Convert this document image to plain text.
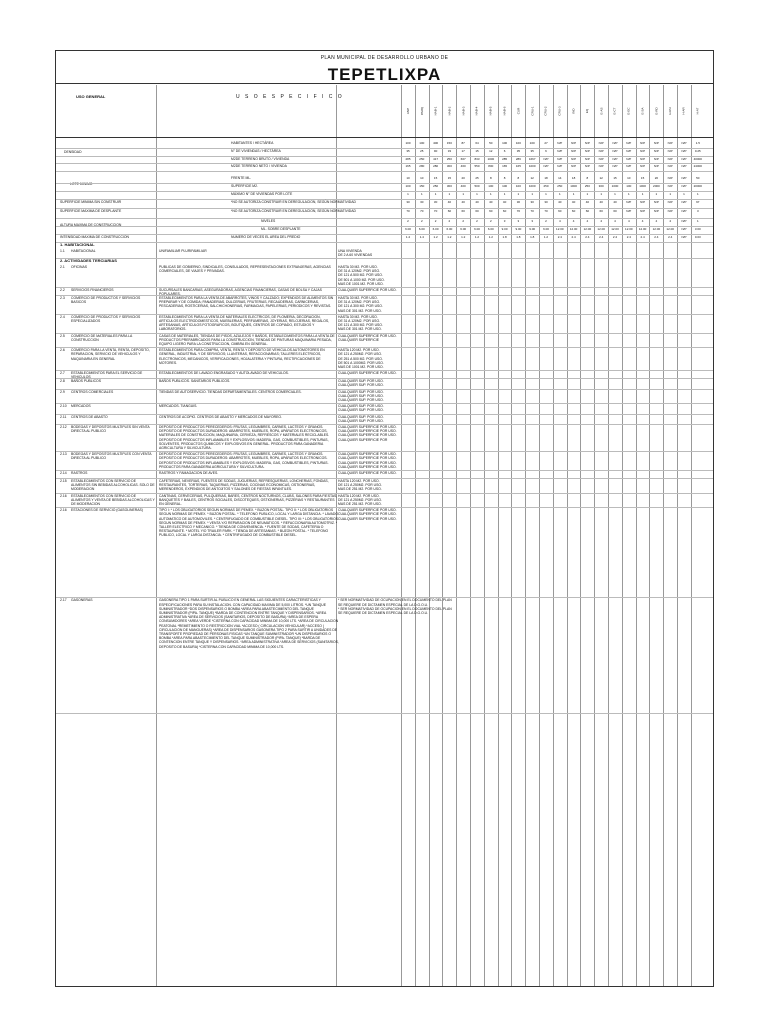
PLAN MUNICIPAL DE DESARROLLO URBANO DE
TEPETLIXPA
USO GENERAL	U S O E S P E C I F I C O
ANP	PARQ	HAB-1	HAB-2	HAB-3	HAB-4	HAB-5	HAB-6	CUR	CRU-1	CRU-2	CRU-3	IND	EQ	E-AS	E-CT	E-EC	E-SA	E-RD	H-RU	H-AR	H-AT
DENSIDAD
HABITANTES / HECTÁREA	100	100	400	150	87	64	50	100	100	100	27	N/P	N/P	N/P	N/P	N/P	N/P	N/P	N/P	N/P	N/P	1.5
N° DE VIVIENDAS / HECTÁREA	35	25	90	33	17	15	12	6	35	35	6	N/P	N/P	N/P	N/P	N/P	N/P	N/P	N/P	N/P	N/P	0.25
M2DE TERRENO BRUTO / VIVIENDA	285	250	417	250	667	833	1000	285	286	1667	N/P	N/P	N/P	N/P	N/P	N/P	N/P	N/P	N/P	N/P	N/P	40000
M2DE TERRENO NETO / VIVIENDA	165	280	280	300	460	550	800	165	165	1000	N/P	N/P	N/P	N/P	N/P	N/P	N/P	N/P	N/P	N/P	N/P	24000
LOTE MINIMO
FRENTE ML.	10	10	15	15	20	25	8	8	8	12	18	14	18	8	12	15	10	15	20	N/P	N/P	50
SUPERFICIE M2.	100	150	250	300	400	500	100	100	100	1000	250	250	1000	250	300	1000	100	1000	2000	N/P	N/P	20000
MÁXIMO N° DE VIVIENDAS POR LOTE	1	1	1	1	1	1	1	1	1	1	1	1	1	1	1	1	1	1	1	1	1	1
SUPERFICIE MINIMA SIN CONSTRUIR	*NO SE AUTORIZA CONSTRUIR EN DEREGULACION, SEGÚN NORMATIVIDAD	30	30	30	40	40	40	40	40	30	30	30	40	40	40	40	40	N/P	N/P	N/P	N/P	N/P	97
SUPERFICIE MAXIMA DE DESPLANTE	*NO SE AUTORIZA CONSTRUIR EN DEREGULACION, SEGÚN NORMATIVIDAD	70	70	70	60	60	60	60	60	70	70	70	60	60	60	60	60	N/P	N/P	N/P	N/P	N/P	3
ALTURA MAXIMA DE CONSTRUCCION
NIVELES	2	2	2	2	2	2	2	3	3	3	2	4	4	4	4	4	4	4	4	4	N/P	1
ML. SOBRE DESPLANTE	6.00	6.00	6.00	6.00	6.00	6.00	6.00	9.00	9.00	9.00	6.00	12.00	12.00	12.00	12.00	12.00	12.00	12.00	12.00	12.00	N/P	3.00
INTENSIDAD MAXIMA DE CONSTRUCCION	NUMERO DE VECES EL AREA DEL PREDIO	1.4	1.4	1.2	1.2	1.2	1.2	1.2	1.8	1.8	1.8	1.2	2.4	2.4	2.4	2.4	2.4	2.4	2.4	2.4	2.4	N/P	0.03
1. HABITACIONAL
1.1	HABITACIONAL	UNIFAMILIAR PLURIFAMILIAR	UNA VIVIENDA
DE 2 A 60 VIVIENDAS
2. ACTIVIDADES TERCIARIAS
2.1	OFICINAS	PUBLICAS DE GOBIERNO, SINDICALES, CONSULADOS, REPRESENTACIONES EXTRANJERAS, AGENCIAS COMERCIALES, DE VIAJES Y PRIVADAS.
HASTA 30 M2. POR USO.
DE 31 A 120M2. POR USO.
DE 121 A 500 M2. POR USO.
DE 501 A 1000 M2. POR USO.
MAS DE 1001 M2. POR USO.
2.2	SERVICIOS FINANCIEROS	SUCURSALES BANCARIAS, ASEGURADORAS, AGENCIAS FINANCIERAS, CASAS DE BOLSA Y CAJAS POPULARES.
CUALQUIER SUPERFICIE POR USO.
2.3	COMERCIO DE PRODUCTOS Y SERVICIOS BASICOS
ESTABLECIMIENTOS PARA LA VENTA DE ABARROTES, VINOS Y CALZADO; EXPENDIOS DE ALIMENTOS SIN PREPARAR Y DE COMIDA; PANADERIAS, DULCERIAS, FRUTERIAS, RECAUDERIAS, CARNICERIAS, PESCADERIAS, ROSTICERIAS, SALCHICHONERIAS, FARMACIAS, PAPELERIAS, PERIODICOS Y REVISTAS.
HASTA 30 M2. POR USO.
DE 31 A 120M2. POR USO.
DE 121 A 300 M2. POR USO.
MAS DE 301 M2. POR USO.
2.4	COMERCIO DE PRODUCTOS Y SERVICIOS ESPECIALIZADOS
ESTABLECIMIENTOS PARA LA VENTA DE MATERIALES ELECTRICOS, DE PLOMERIA, DECORACION, ARTICULOS ELECTRODOMESTICOS, MUEBLERIAS, PERFUMERIAS, JOYERIAS, RELOJERIAS, REGALOS, ARTESANIAS, ARTICULOS FOTOGRAFICOS, BOUTIQUES, CENTROS DE COPIADO, ESTUDIOS Y LABORATORIOS.
HASTA 30 M2. POR USO.
DE 31 A 120M2. POR USO.
DE 121 A 300 M2. POR USO.
MAS DE 301 M2. POR USO.
2.5	COMERCIO DE MATERIALES PARA LA CONSTRUCCION
CASAS DE MATERIALES, TIENDAS DE PISOS, AZULEJOS Y BAÑOS, ESTABLECIMIENTOS PARA LA VENTA DE PRODUCTOS PREFABRICADOS PARA LA CONSTRUCCION, TIENDAS DE PINTURAS MAQUINARIA PESADA, EQUIPO LIGERO PARA LA CONSTRUCCION, CIMBRA EN GENERAL.
CUALQUIER SUPERFICIE POR USO.
CUALQUIER SUPERFICIE
2.6	COMERCIO PARA LA VENTA, RENTA, DEPOSITO, REPARACION, SERVICIO DE VEHICULOS Y MAQUINARIA EN GENERAL
ESTABLECIMIENTOS PARA COMPRA, VENTA, RENTA Y DEPOSITO DE VEHICULOS AUTOMOTORES EN GENERAL, INDUSTRIAL Y DE SERVICIOS; LLANTERAS, REFACCIONARIAS; TALLERES ELECTRICOS, ELECTRONICOS, MECANICOS, VERIFICACIONES, HOJALATERIA Y PINTURA, RECTIFICACIONES DE MOTORES.
HASTA 120 M2. POR USO.
DE 121 A 250M2. POR USO.
DE 251 A 500 M2. POR USO.
DE 501 A 1000M2. POR USO.
MAS DE 1001 M2. POR USO.
2.7	ESTABLECIMIENTOS PARA EL SERVICIO DE VEHICULOS
ESTABLECIMIENTOS DE LAVADO ENGRASADO Y AUTOLAVADO DE VEHICULOS.	CUALQUIER SUPERFICIE POR USO.
2.8	BAÑOS PUBLICOS	BAÑOS PUBLICOS. SANITARIOS PUBLICOS.	CUALQUIER SUP. POR USO.
CUALQUIER SUP. POR USO.
2.9	CENTROS COMERCIALES	TIENDAS DE AUTOSERVICIO. TIENDAS DEPARTAMENTALES. CENTROS COMERCIALES.	CUALQUIER SUP. POR USO.
CUALQUIER SUP. POR USO.
CUALQUIER SUP. POR USO.
2.10	MERCADOS	MERCADOS. TIANGUIS.	CUALQUIER SUP. POR USO.
CUALQUIER SUP. POR USO.
2.11	CENTROS DE ABASTO	CENTROS DE ACOPIO. CENTROS DE ABASTO Y MERCADOS DE MAYOREO.	CUALQUIER SUP. POR USO.
CUALQUIER SUP. POR USO.
2.12	BODEGAS Y DEPOSITOS MULTIPLES SIN VENTA DIRECTA AL PUBLICO
DEPOSITO DE PRODUCTOS PERECEDEROS: FRUTAS, LEGUMBRES, CARNES, LACTEOS Y GRANOS. DEPOSITO DE PRODUCTOS DURADEROS: ABARROTES, MUEBLES, ROPA, APARATOS ELECTRONICOS, MATERIALES DE CONSTRUCCION, MAQUINARIA, CERVEZA, REFRESCOS Y MATERIALES RECICLABLES. DEPOSITO DE PRODUCTOS INFLAMABLES Y EXPLOSIVOS: MADERA, GAS, COMBUSTIBLES, PINTURAS, SOLVENTES, PRODUCTOS QUIMICOS Y EXPLOSIVOS EN GENERAL. PRODUCTOS PARA GANADERIA AGRICULTURA Y SILVICULTURA.
CUALQUIER SUPERFICIE POR USO.
CUALQUIER SUPERFICIE POR USO.
CUALQUIER SUPERFICIE POR USO.
CUALQUIER SUPERFICIE POR
2.13	BODEGAS Y DEPOSITOS MULTIPLES CON VENTA DIRECTA AL PUBLICO
DEPOSITO DE PRODUCTOS PERECEDEROS: FRUTAS, LEGUMBRES, CARNES, LACTEOS Y GRANOS. DEPOSITO DE PRODUCTOS DURADEROS: ABARROTES, MUEBLES, ROPA, APARATOS ELECTRONICOS. DEPOSITO DE PRODUCTOS INFLAMABLES Y EXPLOSIVOS: MADERA, GAS, COMBUSTIBLES, PINTURAS. PRODUCTOS PARA GANADERIA AGRICULTURA Y SILVICULTURA.
CUALQUIER SUPERFICIE POR USO.
CUALQUIER SUPERFICIE POR USO.
CUALQUIER SUPERFICIE POR USO.
CUALQUIER SUPERFICIE POR USO.
2.14	RASTROS	RASTROS Y FAMAGACION DE AVES.	CUALQUIER SUPERFICIE POR USO.
2.15	ESTABLECIMIENTOS CON SERVICIO DE ALIMENTOS SIN BEBIDAS ALCOHOLICAS. SOLO DE MODERACION
CAFETERIAS, NEVERIAS, FUENTES DE SODAS, JUGUERIAS, REFRESQUERIAS, LONCHERIAS, FONDAS, RESTAURANTES, TORTERIAS, TAQUERIAS, PIZZERIAS, COCINAS ECONOMICAS, OSTIONERIAS, MERENDEROS, EXPENDIOS DE ANTOJITOS Y SALONES DE FIESTAS INFANTILES.
HASTA 120 M2. POR USO.
DE 121 A 250M2. POR USO.
MAS DE 251 M2. POR USO.
2.16	ESTABLECIMIENTOS CON SERVICIO DE ALIMENTOS Y VENTA DE BEBIDAS ALCOHOLICAS Y DE MODERACION
CANTINAS, CERVECERIAS, PULQUERIAS, BARES, CENTROS NOCTURNOS, CLUBS, SALONES PARA FIESTAS, BANQUETES Y BAILES, CENTROS SOCIALES, DISCOTEQUES, OSTIONERIAS, PIZZERIAS Y RESTAURANTES EN GENERAL.
HASTA 120 M2. POR USO.
DE 121 A 250M2. POR USO.
MAS DE 251 M2. POR USO.
2.16	ESTACIONES DE SERVICIO (GASOLINERAS)	TIPO I: * LOS OBLIGATORIOS SEGUN NORMAS DE PEMEX. * BUZON POSTAL. TIPO II: * LOS OBLIGATORIOS SEGUN NORMAS DE PEMEX. * BUZON POSTAL. * TELEFONO PUBLICO, LOCAL Y LARGA DISTANCIA. * LAVADO AUTOMATICO DE AUTOMOVILES. * CENTRIFUGADO DE COMBUSTIBLE DIESEL. TIPO III: * LOS OBLIGATORIOS SEGUN NORMAS DE PEMEX. * VENTA Y/O REPARACION DE NEUMATICOS. * REFACCIONARIA AUTOMOTRIZ. * TALLER ELECTRICO Y MECANICO. * TIENDA DE CONVENIENCIA. * FUENTE DE SODAS, CAFETERIA O RESTAURANTE. * MOTEL Y/O TRAILER PARK. * TIENDA DE ARTESANIAS. * BUZON POSTAL. * TELEFONO PUBLICO, LOCAL Y LARGA DISTANCIA. * CENTRIFUGADO DE COMBUSTIBLE DIESEL.
CUALQUIER SUPERFICIE POR USO.
CUALQUIER SUPERFICIE POR USO.
CUALQUIER SUPERFICIE POR USO.
2.17	GASONERAS	GASONERA TIPO 1 PARA SURTIR AL PUBLICO EN GENERAL LAS SIGUIENTES CARACTERISTICAS Y ESPECIFICACIONES PARA SU INSTALACION. CON CAPACIDAD MAXIMA DE 5,000 LITROS. *UN TANQUE SUMINISTRADOR *DOS DISPENSARIOS O BOMBA *AREA PARA ABASTECIMIENTO DEL TANQUE SUMINISTRADOR (PIPA- TANQUE) *BARDA DE CONTENCION ENTRE TANQUE Y DISPENSARIOS. *AREA ADMINISTRATIVA *AREA DE SERVICIOS (SANITARIOS, DEPOSITO DE BASURA) *AREA DE ESPERA CONSUMIDORES *AREA VERDE *CISTERNA CON CAPACIDAD MINIMA DE 10,000 LTS. *AREA DE CIRCULACION PEATONAL *REMETIMIENTO O RESTRICCION VIAL *ACCESO ( CIRCULACION VEHICULAR) *ACCESO ( CIRCULACION DE MANGUERAS) *AREA DE DISPENSARIOS GASONERA TIPO 2 PARA SURTIR A UNIDADES DE TRANSPORTE PROPIEDAD DE PERSONAS FISICAS *UN TANQUE SUMINISTRADOR *UN DISPENSARIOS O BOMBA *AREA PARA ABASTECIMIENTO DEL TANQUE SUMINISTRADOR (PIPA- TANQUE) *BARDA DE CONTENCION ENTRE TANQUE Y DISPENSARIOS. *AREA ADMINISTRATIVA *AREA DE SERVICIOS (SANITARIOS, DEPOSITO DE BASURA) *CISTERNA CON CAPACIDAD MINIMA DE 10,000 LTS.
* SER NORMATIVIDAD DE OCUPACION EN EL DOCUMENTO DEL PLAN
SE REQUIERE DE DICTAMEN ESPECIAL DE LA D.G.O.U.
* SER NORMATIVIDAD DE OCUPACION EN EL DOCUMENTO DEL PLAN
SE REQUIERE DE DICTAMEN ESPECIAL DE LA D.G.O.U.
